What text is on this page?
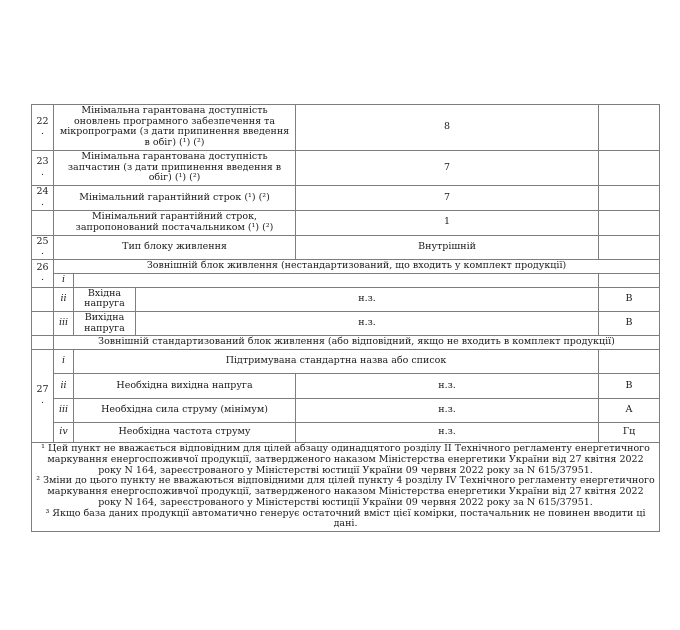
22.	Мінімальна гарантована доступність оновлень програмного забезпечення та мікропрограми (з дати припинення введення в обіг) (¹) (²)			8	
23.	Мінімальна гарантована доступність запчастин (з дати припинення введення в обіг) (¹) (²)			7	
24.	Мінімальний гарантійний строк (¹) (²)			7	
	Мінімальний гарантійний строк, запропонований постачальником (¹) (²)			1	
25.	Тип блоку живлення			Внутрішній	
26.	Зовнішній блок живлення (нестандартизований, що входить у комплект продукції)				
	i				
	ii	Вхідна напруга	н.з.		В
	iii	Вихідна напруга	н.з.		В
	Зовнішній стандартизований блок живлення (або відповідний, якщо не входить в комплект продукції)				
27.	i	Підтримувана стандартна назва або список			
	ii	Необхідна вихідна напруга		н.з.	В
	iii	Необхідна сила струму (мінімум)		н.з.	А
	iv	Необхідна частота струму		н.з.	Гц

¹ Цей пункт не вважається відповідним для цілей абзацу одинадцятого розділу II Технічного регламенту енергетичного маркування енергоспоживчої продукції, затвердженого наказом Міністерства енергетики України від 27 квітня 2022 року N 164, зареєстрованого у Міністерстві юстиції України 09 червня 2022 року за N 615/37951.

² Зміни до цього пункту не вважаються відповідними для цілей пункту 4 розділу IV Технічного регламенту енергетичного маркування енергоспоживчої продукції, затвердженого наказом Міністерства енергетики України від 27 квітня 2022 року N 164, зареєстрованого у Міністерстві юстиції України 09 червня 2022 року за N 615/37951.

³ Якщо база даних продукції автоматично генерує остаточний вміст цієї комірки, постачальник не повинен вводити ці дані.					
